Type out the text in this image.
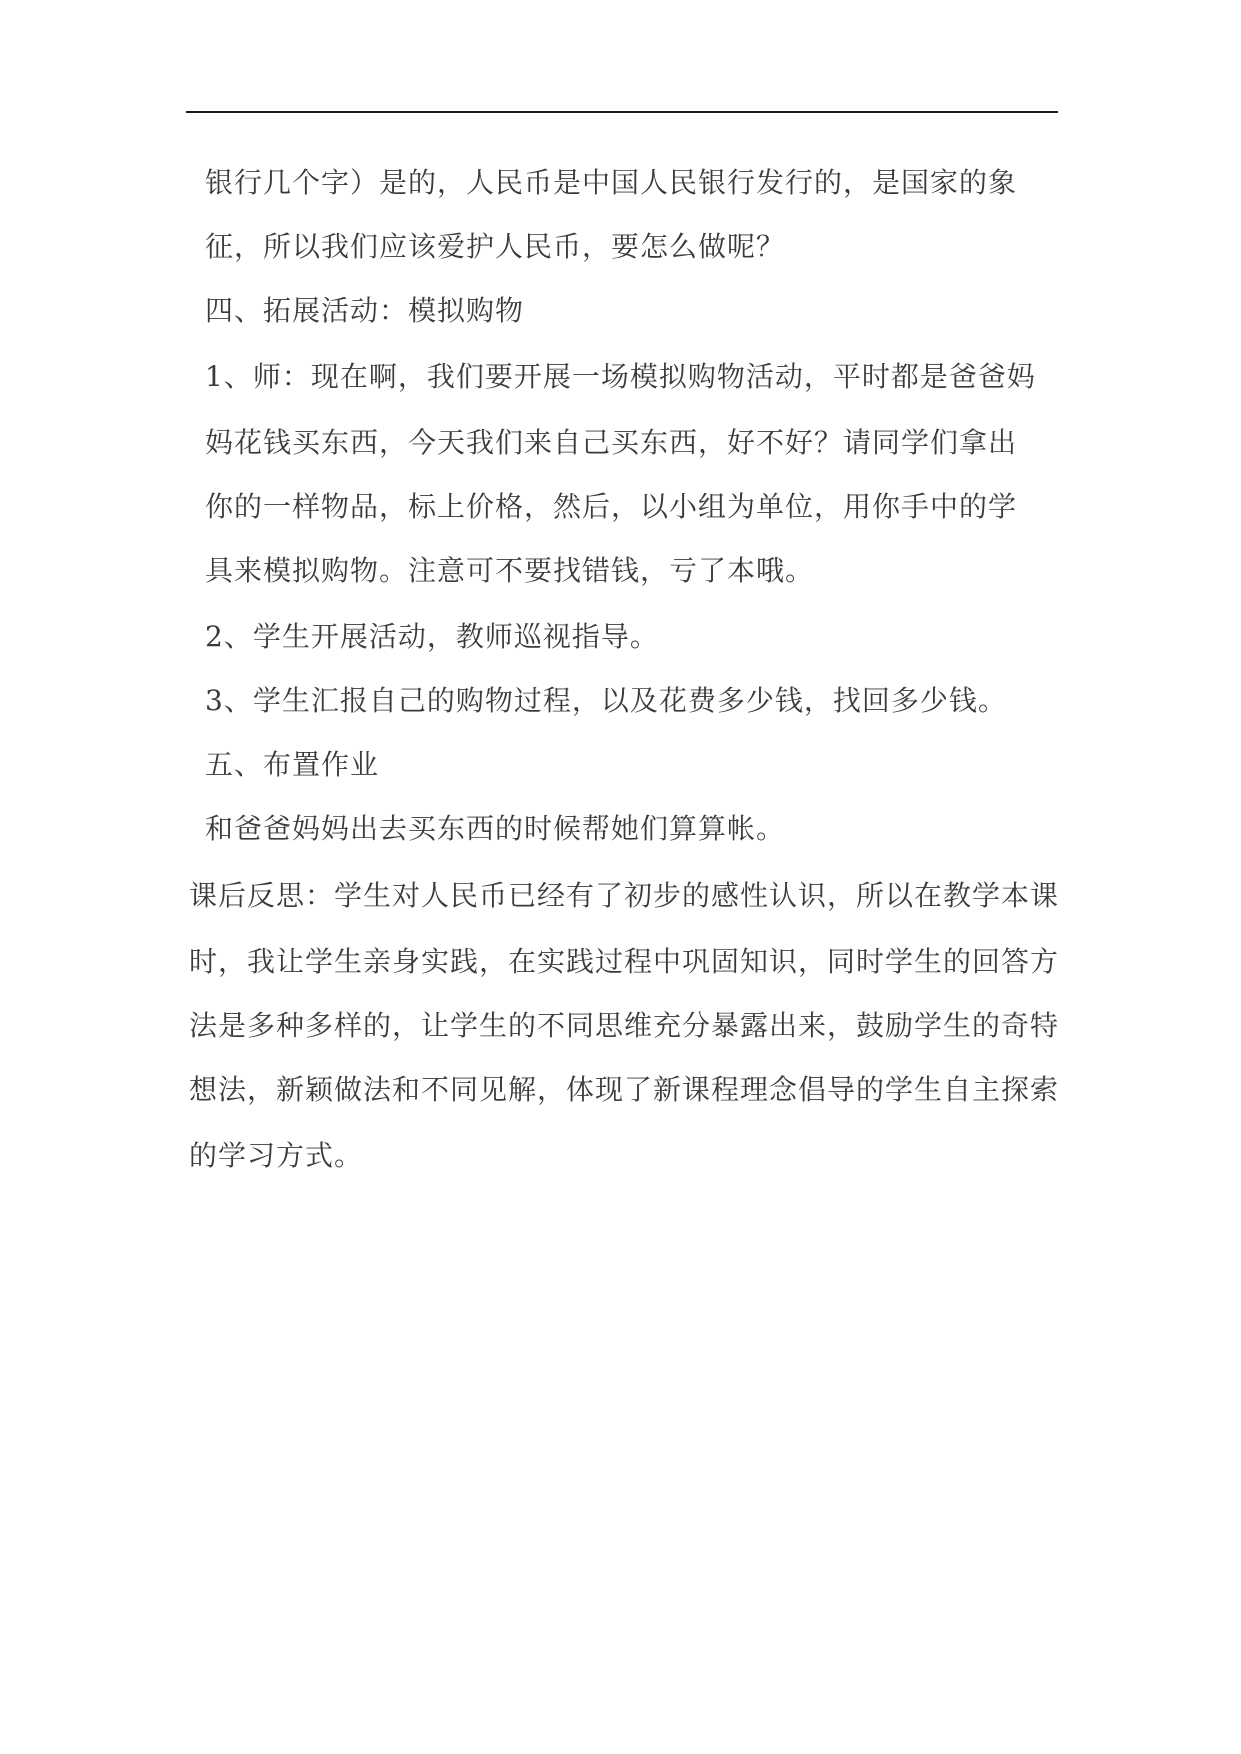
银行几个字）是的，人民币是中国人民银行发行的，是国家的象
征，所以我们应该爱护人民币，要怎么做呢？
四、拓展活动：模拟购物
1、师：现在啊，我们要开展一场模拟购物活动，平时都是爸爸妈
妈花钱买东西，今天我们来自己买东西，好不好？请同学们拿出
你的一样物品，标上价格，然后，以小组为单位，用你手中的学
具来模拟购物。注意可不要找错钱，亏了本哦。
2、学生开展活动，教师巡视指导。
3、学生汇报自己的购物过程，以及花费多少钱，找回多少钱。
五、布置作业
和爸爸妈妈出去买东西的时候帮她们算算帐。
课后反思：学生对人民币已经有了初步的感性认识，所以在教学本课
时，我让学生亲身实践，在实践过程中巩固知识，同时学生的回答方
法是多种多样的，让学生的不同思维充分暴露出来，鼓励学生的奇特
想法，新颖做法和不同见解，体现了新课程理念倡导的学生自主探索
的学习方式。
